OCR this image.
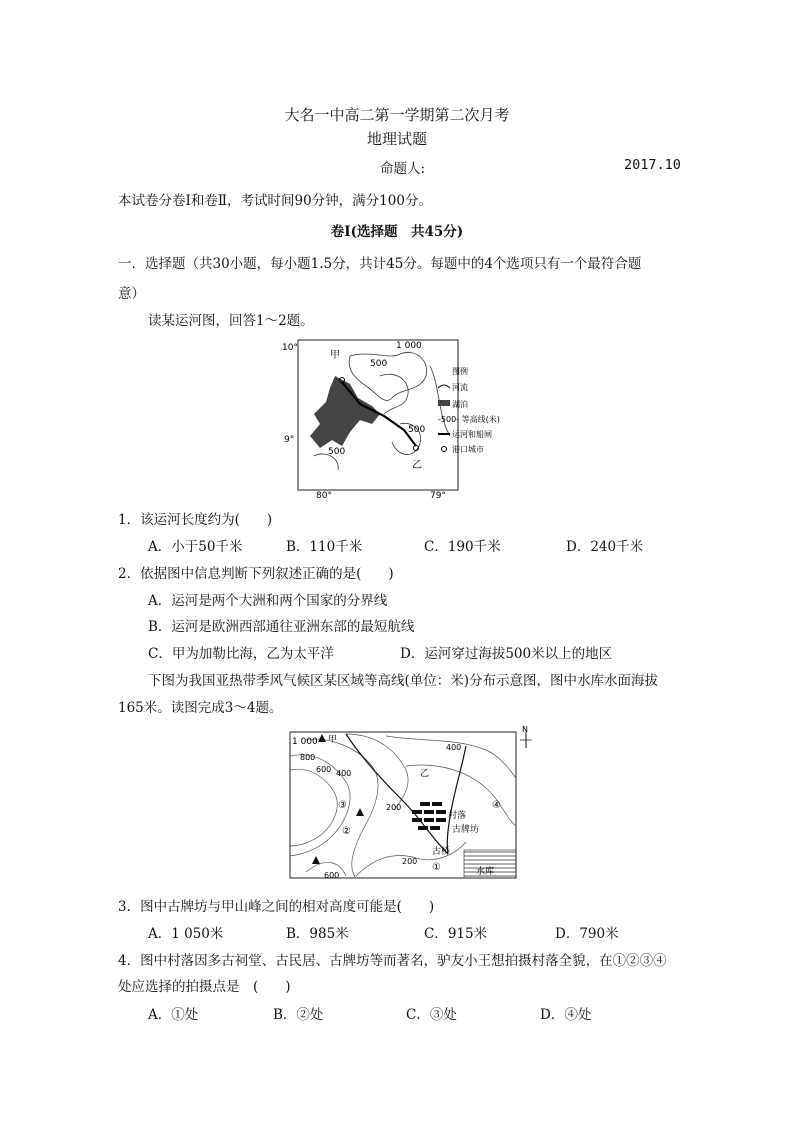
大名一中高二第一学期第二次月考
地理试题
命题人:	2017.10
本试卷分卷Ⅰ和卷Ⅱ，考试时间90分钟，满分100分。
卷Ⅰ(选择题　共45分)
一．选择题（共30小题，每小题1.5分，共计45分。每题中的4个选项只有一个最符合题
意）
读某运河图，回答1～2题。
10°
9°
80°	79°
甲
乙
1 000
500
500
500
图例
河流
湖泊
-500- 等高线(米)
运河和船闸
港口城市
1．该运河长度约为(　　)
A．小于50千米	B．110千米	C．190千米	D．240千米
2．依据图中信息判断下列叙述正确的是(　　)
A．运河是两个大洲和两个国家的分界线
B．运河是欧洲西部通往亚洲东部的最短航线
C．甲为加勒比海，乙为太平洋	D．运河穿过海拔500米以上的地区
下图为我国亚热带季风气候区某区域等高线(单位：米)分布示意图，图中水库水面海拔
165米。读图完成3～4题。
N
1 000 甲
乙
800
600 400
400
200
200
600
村落
古牌坊
古桥
水库
①
②
③	④
3．图中古牌坊与甲山峰之间的相对高度可能是(　　)
A．1 050米	B．985米	C．915米	D．790米
4．图中村落因多古祠堂、古民居、古牌坊等而著名，驴友小王想拍摄村落全貌，在①②③④
处应选择的拍摄点是　(　　)
A．①处	B．②处	C．③处	D．④处
